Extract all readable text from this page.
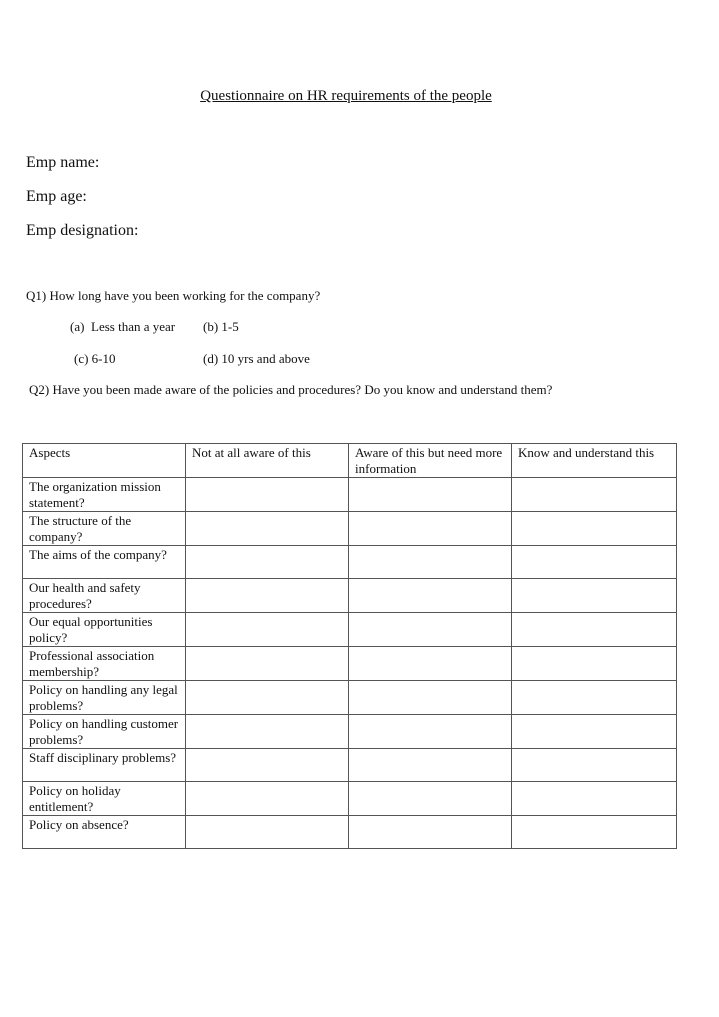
Questionnaire on HR requirements of the people
Emp name:
Emp age:
Emp designation:
Q1) How long have you been working for the company?
(a) Less than a year (b) 1-5
(c) 6-10	(d) 10 yrs and above
Q2) Have you been made aware of the policies and procedures? Do you know and understand them?
Aspects	Not at all aware of this	Aware of this but need more information	Know and understand this
The organization mission statement?			
The structure of the company?			
The aims of the company?			
Our health and safety procedures?			
Our equal opportunities policy?			
Professional association membership?			
Policy on handling any legal problems?			
Policy on handling customer problems?			
Staff disciplinary problems?			
Policy on holiday entitlement?			
Policy on absence?			
